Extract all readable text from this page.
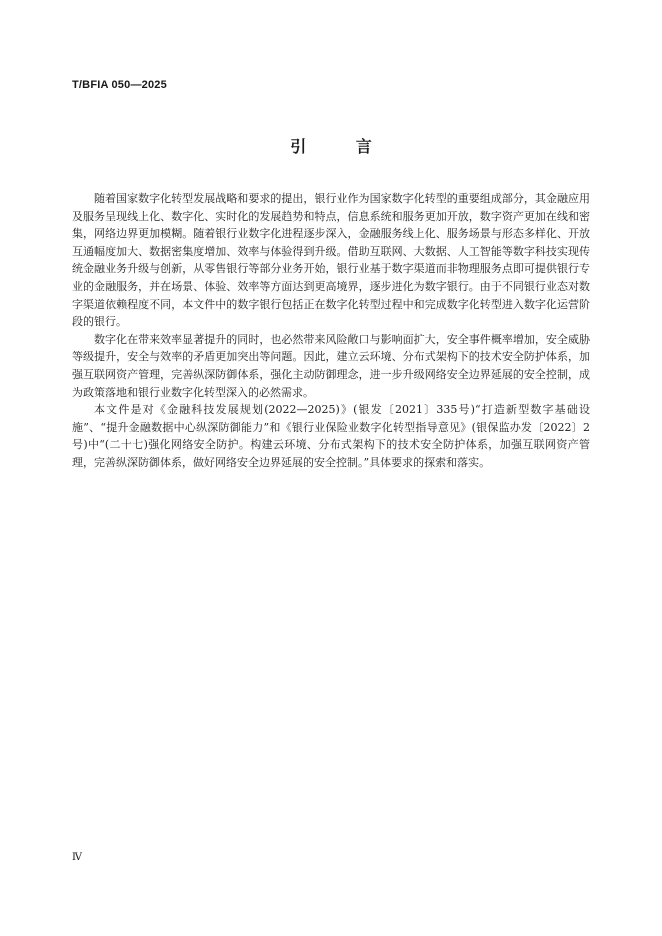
T/BFIA 050—2025
引 言

随着国家数字化转型发展战略和要求的提出，银行业作为国家数字化转型的重要组成部分，其金融应用及服务呈现线上化、数字化、实时化的发展趋势和特点，信息系统和服务更加开放，数字资产更加在线和密集，网络边界更加模糊。随着银行业数字化进程逐步深入，金融服务线上化、服务场景与形态多样化、开放互通幅度加大、数据密集度增加、效率与体验得到升级。借助互联网、大数据、人工智能等数字科技实现传统金融业务升级与创新，从零售银行等部分业务开始，银行业基于数字渠道而非物理服务点即可提供银行专业的金融服务，并在场景、体验、效率等方面达到更高境界，逐步进化为数字银行。由于不同银行业态对数字渠道依赖程度不同，本文件中的数字银行包括正在数字化转型过程中和完成数字化转型进入数字化运营阶段的银行。

数字化在带来效率显著提升的同时，也必然带来风险敞口与影响面扩大，安全事件概率增加，安全威胁等级提升，安全与效率的矛盾更加突出等问题。因此，建立云环境、分布式架构下的技术安全防护体系，加强互联网资产管理，完善纵深防御体系，强化主动防御理念，进一步升级网络安全边界延展的安全控制，成为政策落地和银行业数字化转型深入的必然需求。

本文件是对《金融科技发展规划(2022—2025)》(银发〔2021〕335号)“打造新型数字基础设施”、“提升金融数据中心纵深防御能力”和《银行业保险业数字化转型指导意见》(银保监办发〔2022〕2号)中“(二十七)强化网络安全防护。构建云环境、分布式架构下的技术安全防护体系，加强互联网资产管理，完善纵深防御体系，做好网络安全边界延展的安全控制。”具体要求的探索和落实。

Ⅳ
